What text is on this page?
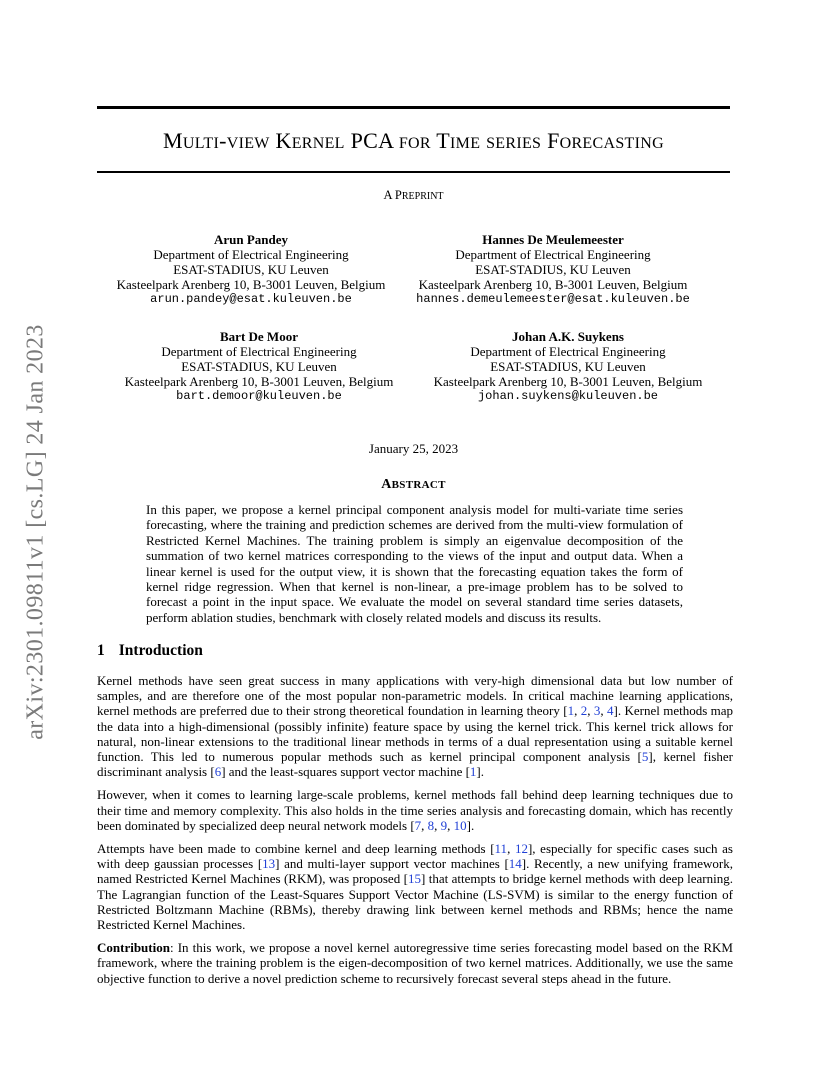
arXiv:2301.09811v1 [cs.LG] 24 Jan 2023
MULTI-VIEW KERNEL PCA FOR TIME SERIES FORECASTING
A PREPRINT
Arun Pandey
Department of Electrical Engineering
ESAT-STADIUS, KU Leuven
Kasteelpark Arenberg 10, B-3001 Leuven, Belgium
arun.pandey@esat.kuleuven.be
Hannes De Meulemeester
Department of Electrical Engineering
ESAT-STADIUS, KU Leuven
Kasteelpark Arenberg 10, B-3001 Leuven, Belgium
hannes.demeulemeester@esat.kuleuven.be
Bart De Moor
Department of Electrical Engineering
ESAT-STADIUS, KU Leuven
Kasteelpark Arenberg 10, B-3001 Leuven, Belgium
bart.demoor@kuleuven.be
Johan A.K. Suykens
Department of Electrical Engineering
ESAT-STADIUS, KU Leuven
Kasteelpark Arenberg 10, B-3001 Leuven, Belgium
johan.suykens@kuleuven.be
January 25, 2023
ABSTRACT
In this paper, we propose a kernel principal component analysis model for multi-variate time series forecasting, where the training and prediction schemes are derived from the multi-view formulation of Restricted Kernel Machines. The training problem is simply an eigenvalue decomposition of the summation of two kernel matrices corresponding to the views of the input and output data. When a linear kernel is used for the output view, it is shown that the forecasting equation takes the form of kernel ridge regression. When that kernel is non-linear, a pre-image problem has to be solved to forecast a point in the input space. We evaluate the model on several standard time series datasets, perform ablation studies, benchmark with closely related models and discuss its results.
1 Introduction

Kernel methods have seen great success in many applications with very-high dimensional data but low number of samples, and are therefore one of the most popular non-parametric models. In critical machine learning applications, kernel methods are preferred due to their strong theoretical foundation in learning theory [1, 2, 3, 4]. Kernel methods map the data into a high-dimensional (possibly infinite) feature space by using the kernel trick. This kernel trick allows for natural, non-linear extensions to the traditional linear methods in terms of a dual representation using a suitable kernel function. This led to numerous popular methods such as kernel principal component analysis [5], kernel fisher discriminant analysis [6] and the least-squares support vector machine [1].

However, when it comes to learning large-scale problems, kernel methods fall behind deep learning techniques due to their time and memory complexity. This also holds in the time series analysis and forecasting domain, which has recently been dominated by specialized deep neural network models [7, 8, 9, 10].

Attempts have been made to combine kernel and deep learning methods [11, 12], especially for specific cases such as with deep gaussian processes [13] and multi-layer support vector machines [14]. Recently, a new unifying framework, named Restricted Kernel Machines (RKM), was proposed [15] that attempts to bridge kernel methods with deep learning. The Lagrangian function of the Least-Squares Support Vector Machine (LS-SVM) is similar to the energy function of Restricted Boltzmann Machine (RBMs), thereby drawing link between kernel methods and RBMs; hence the name Restricted Kernel Machines.

Contribution: In this work, we propose a novel kernel autoregressive time series forecasting model based on the RKM framework, where the training problem is the eigen-decomposition of two kernel matrices. Additionally, we use the same objective function to derive a novel prediction scheme to recursively forecast several steps ahead in the future.
